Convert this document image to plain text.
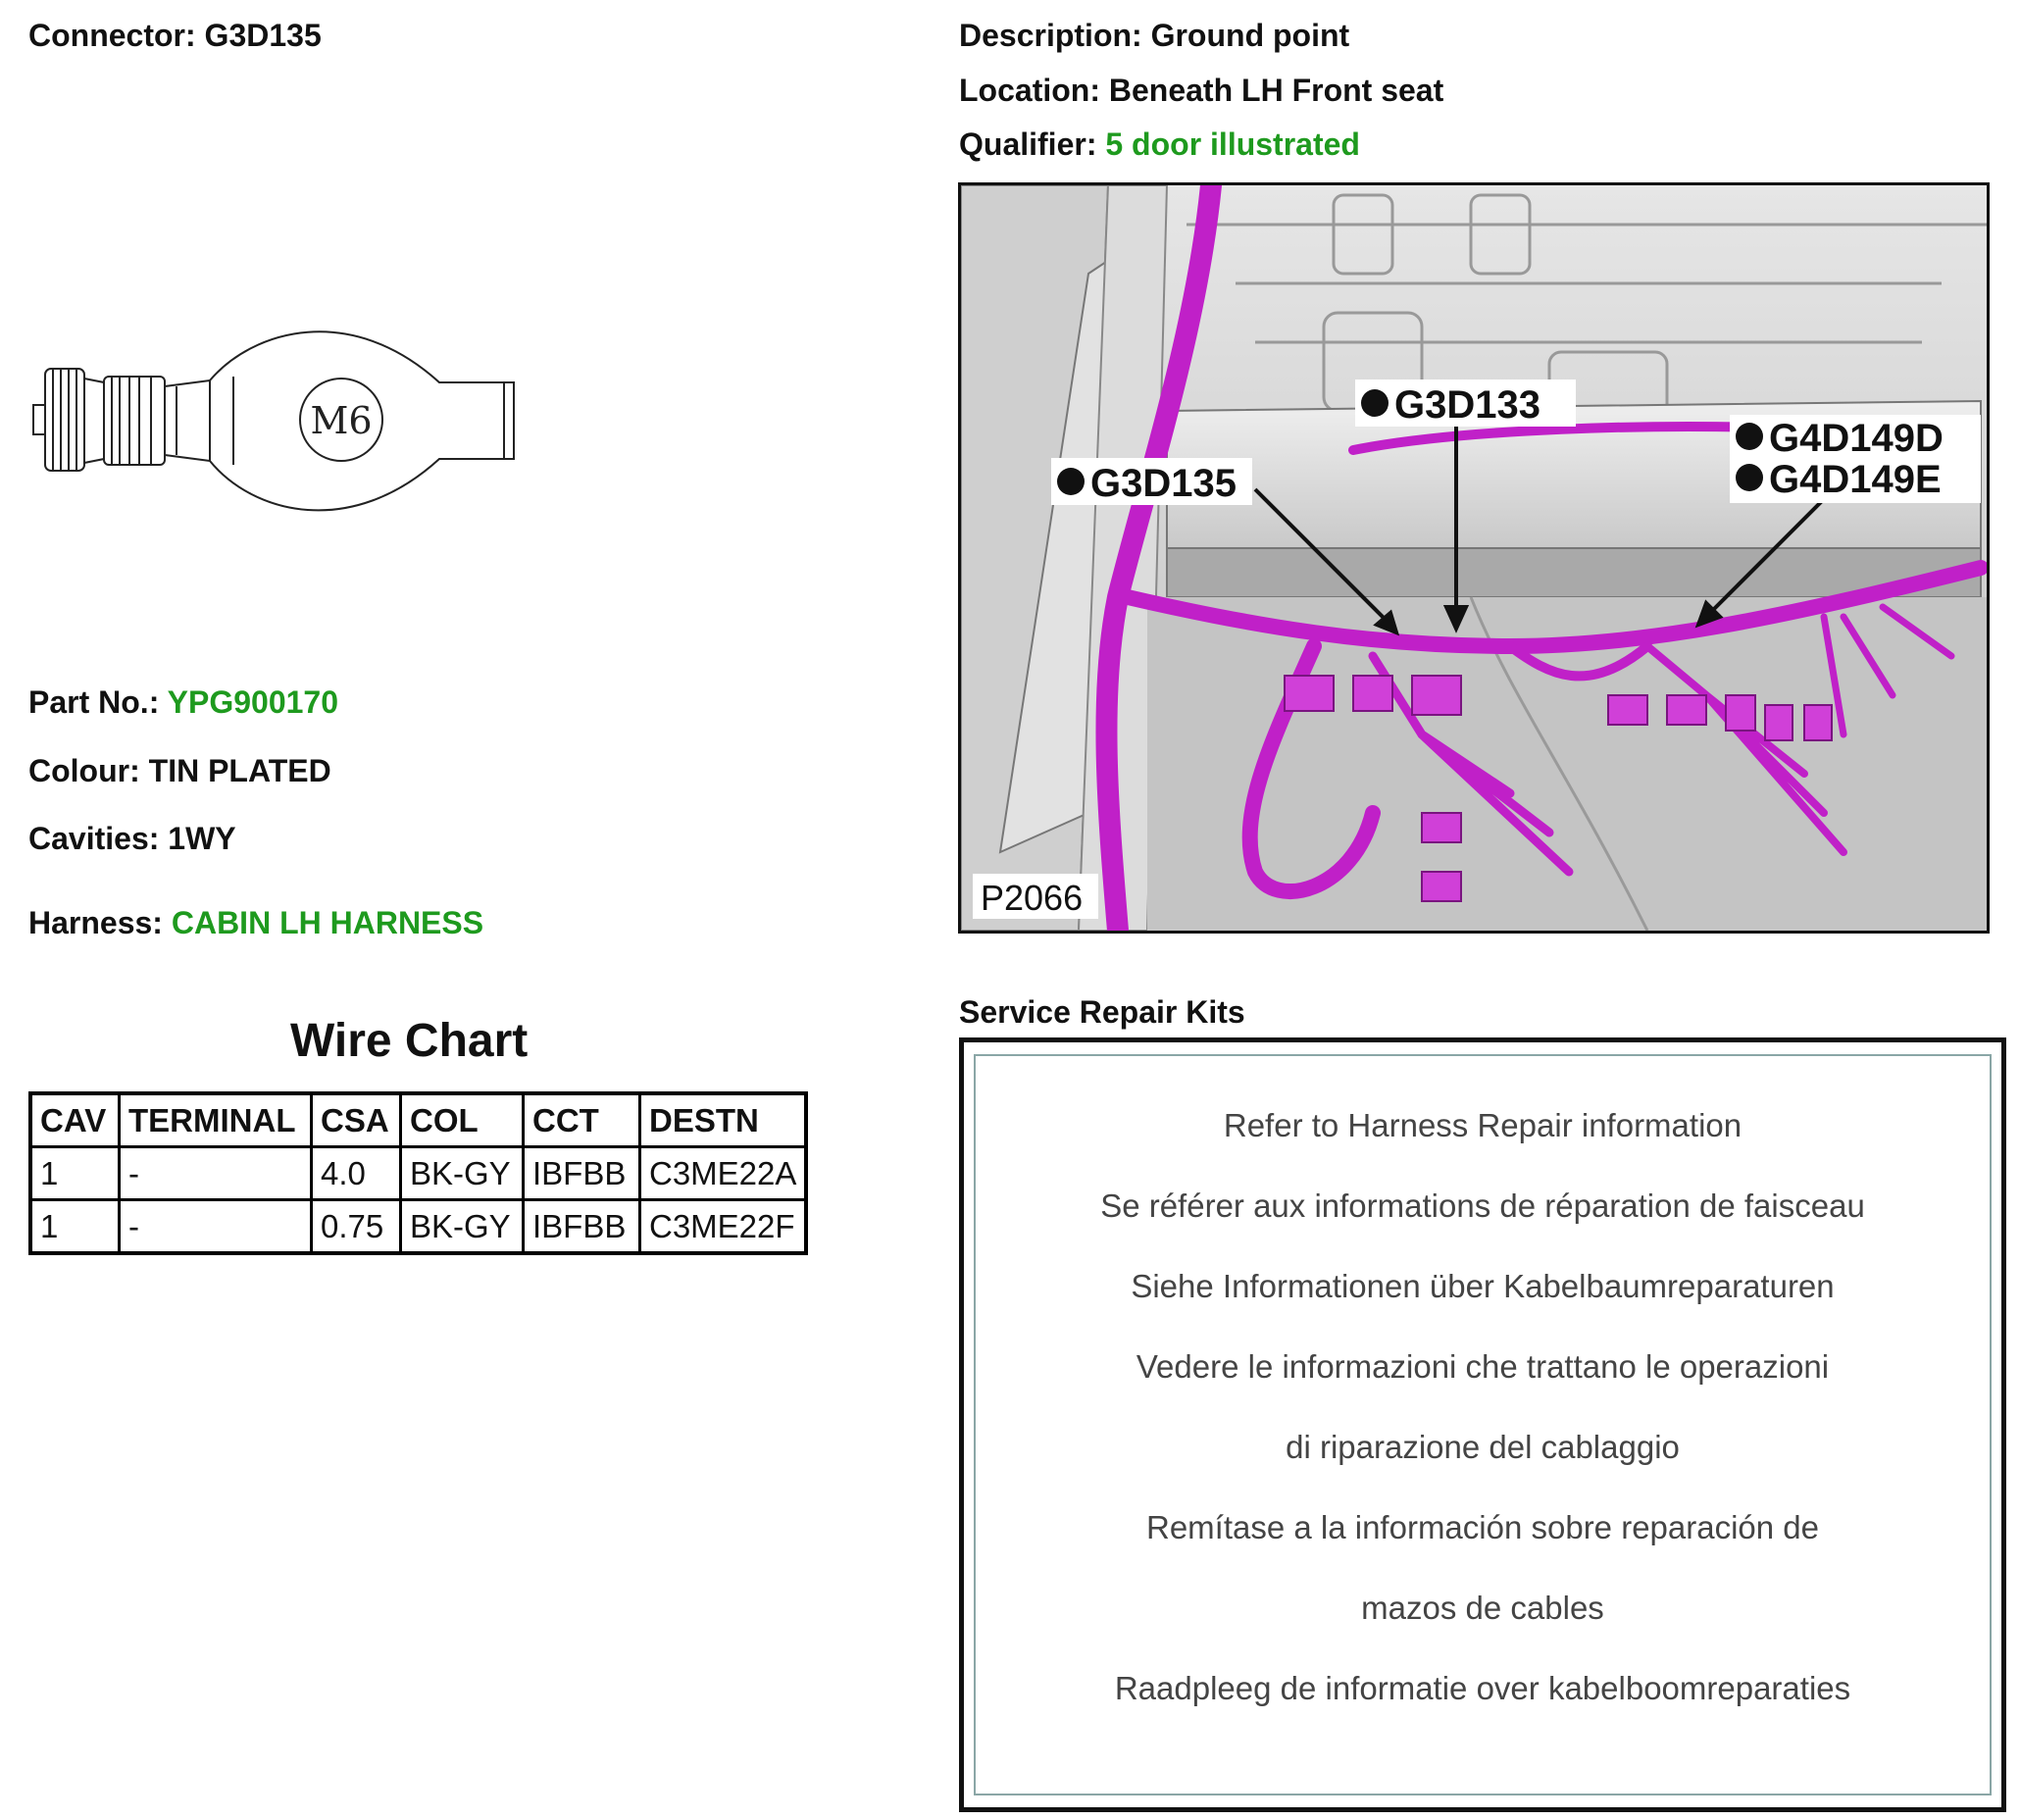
Connector: G3D135	Description: Ground point
Location: Beneath LH Front seat
Qualifier: 5 door illustrated
M6
Part No.: YPG900170
Colour: TIN PLATED
Cavities: 1WY
Harness: CABIN LH HARNESS
Wire Chart
CAV	TERMINAL	CSA	COL	CCT	DESTN
1	-	4.0	BK-GY	IBFBB	C3ME22A
1	-	0.75	BK-GY	IBFBB	C3ME22F
G3D135
G3D133
G4D149D
G4D149E
P2066
Service Repair Kits
Refer to Harness Repair information
Se référer aux informations de réparation de faisceau
Siehe Informationen über Kabelbaumreparaturen
Vedere le informazioni che trattano le operazioni
di riparazione del cablaggio
Remítase a la información sobre reparación de
mazos de cables
Raadpleeg de informatie over kabelboomreparaties
